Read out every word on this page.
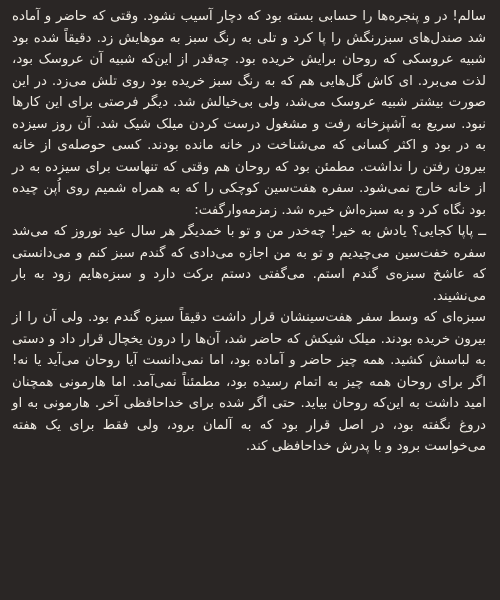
سالم! در و پنجره‌ها را حسابی بسته بود که دچار آسیب نشود. وقتی که حاضر و آماده شد صندل‌های سبزرنگش را پا کرد و تلی به رنگ سبز به موهایش زد. دقیقاً شده بود شبیه عروسکی که روحان برایش خریده بود. چه‌قدر از این‌که شبیه آن عروسک بود، لذت می‌برد. ای کاش گل‌هایی هم که به رنگ سبز خریده بود روی تلش می‌زد. در این صورت بیشتر شبیه عروسک می‌شد، ولی بی‌خیالش شد. دیگر فرصتی برای این کارها نبود. سریع به آشپزخانه رفت و مشغول درست کردن میلک شیک شد. آن روز سیزده به در بود و اکثر کسانی که می‌شناخت در خانه مانده بودند. کسی حوصله‌ی از خانه بیرون رفتن را نداشت. مطمئن بود که روحان هم وقتی که تنهاست برای سیزده به در از خانه خارج نمی‌شود. سفره هفت‌سین کوچکی را که به همراه شمیم روی اُپن چیده بود نگاه کرد و به سبزه‌اش خیره شد. زمزمه‌وارگفت:

ــ پاپا کجایی؟ یادش به خیر! چه‌خدر من و تو با خمدیگر هر سال عید نوروز که می‌شد سفره خفت‌سین می‌چیدیم و تو به من اجازه می‌دادی که گندم سبز کنم و می‌دانستی که عاشخ سبزه‌ی گندم استم. می‌گفتی دستم برکت دارد و سبزه‌هایم زود به بار می‌نشیند.

سبزه‌ای که وسط سفر هفت‌سینشان قرار داشت دقیقاً سبزه گندم بود. ولی آن را از بیرون خریده بودند. میلک شیکش که حاضر شد، آن‌ها را درون یخچال قرار داد و دستی به لباسش کشید. همه چیز حاضر و آماده بود، اما نمی‌دانست آیا روحان می‌آید یا نه! اگر برای روحان همه چیز به اتمام رسیده بود، مطمئناً نمی‌آمد. اما هارمونی همچنان امید داشت به این‌که روحان بیاید. حتی اگر شده برای خداحافظی آخر. هارمونی به او دروغ نگفته بود، در اصل قرار بود که به آلمان برود، ولی فقط برای یک هفته می‌خواست برود و با پدرش خداحافظی کند.
